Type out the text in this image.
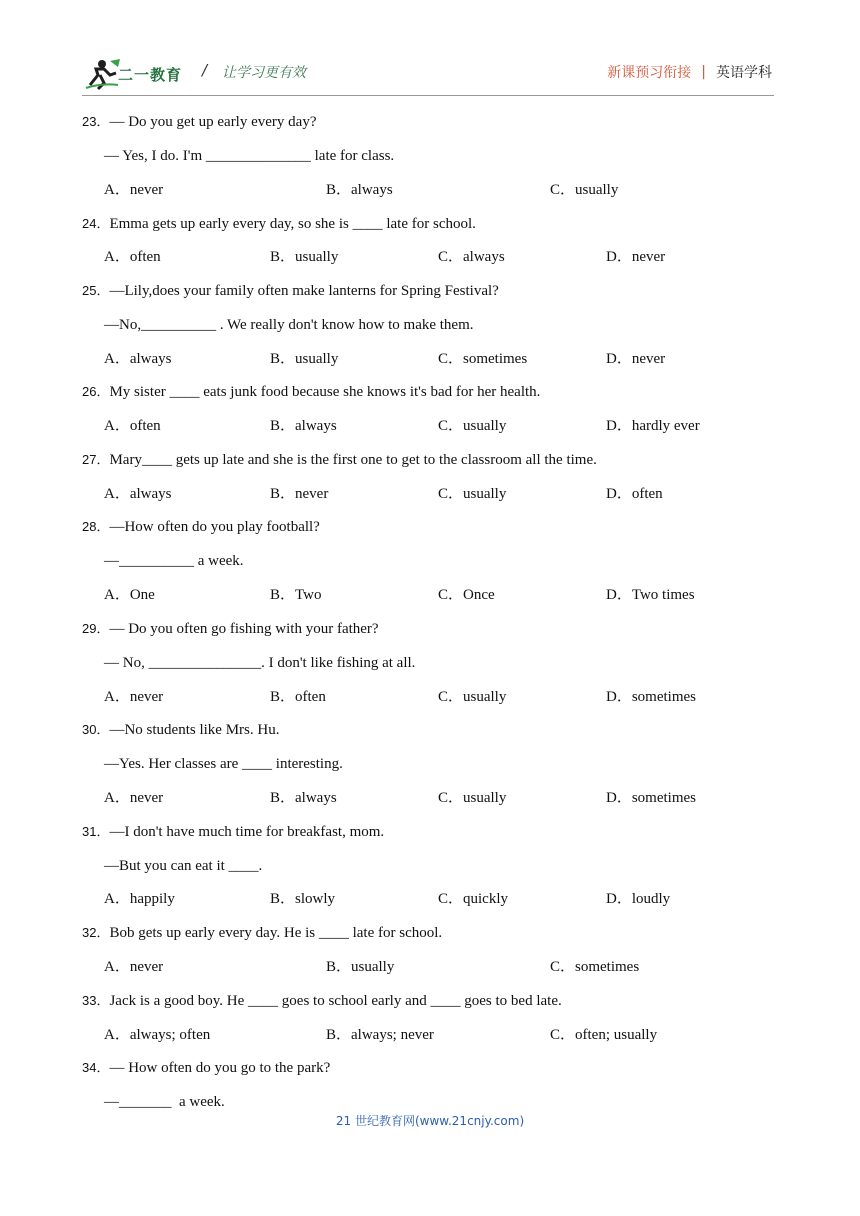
二一教育 / 让学习更有效	新课预习衔接 | 英语学科
23．— Do you get up early every day?
— Yes, I do. I'm ______________ late for class.
A．never	B．always	C．usually
24．Emma gets up early every day, so she is ____ late for school.
A．often	B．usually	C．always	D．never
25．—Lily,does your family often make lanterns for Spring Festival?
—No,__________ . We really don't know how to make them.
A．always	B．usually	C．sometimes	D．never
26．My sister ____ eats junk food because she knows it's bad for her health.
A．often	B．always	C．usually	D．hardly ever
27．Mary____ gets up late and she is the first one to get to the classroom all the time.
A．always	B．never	C．usually	D．often
28．—How often do you play football?
—__________ a week.
A．One	B．Two	C．Once	D．Two times
29．— Do you often go fishing with your father?
— No, _______________. I don't like fishing at all.
A．never	B．often	C．usually	D．sometimes
30．—No students like Mrs. Hu.
—Yes. Her classes are ____ interesting.
A．never	B．always	C．usually	D．sometimes
31．—I don't have much time for breakfast, mom.
—But you can eat it ____.
A．happily	B．slowly	C．quickly	D．loudly
32．Bob gets up early every day. He is ____ late for school.
A．never	B．usually	C．sometimes
33．Jack is a good boy. He ____ goes to school early and ____ goes to bed late.
A．always; often	B．always; never	C．often; usually
34．— How often do you go to the park?
—_______  a week.
21 世纪教育网(www.21cnjy.com)
